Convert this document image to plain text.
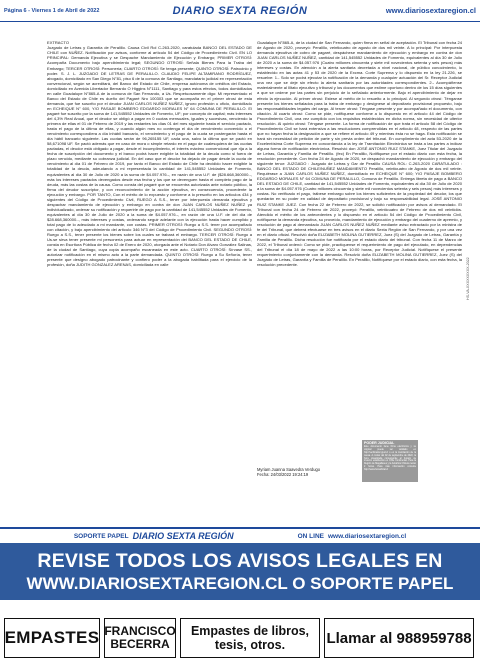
Página 6 - Viernes 1 de Abril de 2022	DIARIO SEXTA REGIÓN	www.diariosextaregion.cl
EXTRACTO

Juzgado de Letras y Garantía de Peralillo. Causa Civil Rol C-263-2020, caratulada BANCO DEL ESTADO DE CHILE con NUÑEZ. Notificación por avisos, conforme al artículo 54 del Código de Procedimiento Civil. EN LO PRINCIPAL: Demanda Ejecutiva y se Despache Mandamiento de Ejecución y Embargo; PRIMER OTROSÍ: Acompaña Documento bajo apercibimiento legal; SEGUNDO OTROSÍ: Señala Bienes Para la Traba del Embargo; TERCER OTROSÍ: Personería; CUARTO OTROSÍ: Se tenga presente; QUINTO OTROSÍ: Patrocinio y poder. S. J. L. JUZGADO DE LETRAS DE PERALILLO. CLAUDIO FELIPE ALTAMIRANO RODRÍGUEZ, abogado, domiciliado en San Diego N°81, piso 6 de la comuna de Santiago, mandatario judicial en representación convencional, según se acreditará, del Banco del Estado de Chile, empresa autónoma de créditos del Estado, domiciliado en Avenida Libertador Bernardo O Higgins N°1111, Santiago y para estos efectos, todos domiciliados en calle Guadalupe N°865-A de la comuna de San Fernando, a Us. Respetuosamente digo: Mi representado el Banco del Estado de Chile es dueño del Pagaré Nro 100303 que se acompaña en el primer otrosí de esta demanda, que fue suscrito por el deudor JUAN CARLOS NUÑEZ NUÑEZ, ignoro profesión u oficio, domiciliado en ECHEIQUE N° 600, Y/O PASAJE BOMBERO EDGARDO MORALES N° 64 COMUNA DE PERALILLO. El pagaré fue suscrito por la suma de 141,545552 Unidades de Fomento, UF; por concepto de capital; más intereses del 4,3% Real Anual, que el deudor se obligó a pagar en 0 cuotas mensuales, iguales y sucesivas, venciendo la primera de ellas el 01 de Febrero de 2019 y las restantes los días 01 del mes siguiente hasta el servicio pactado, hasta el pago de la última de ellas, y cuando algún mes no contenga el día de vencimiento convenido o el vencimiento correspondiera a día inhábil bancario, el vencimiento y el pago de la cuota se postergarán hasta el día hábil bancario siguiente. Las cuotas serán de 96,265155 UF, cada una, salvo la última que se pactó en 58,671098 UF. Se pactó además que en caso de mora o simple retardo en el pago de cualesquiera de las cuotas pactadas, el deudor está obligado a pagar, desde el incumplimiento, el interés máximo convencional que rija a la fecha de suscripción del documento y el banco podrá hacer exigible la totalidad de la deuda como si fuera de plazo vencido, mediante su cobranza judicial. En del caso que el deudor ha dejado de pagar desde la cuota de vencimiento al día 01 de Febrero de 2019, por tanto el Banco del Estado de Chile ha decidido hacer exigible la totalidad de la deuda, adeudando a mi representada la cantidad de 141,545552 Unidades de Fomento, equivalentes al día 30 de Julio de 2020 a la suma de $4.057.976.-, en razón de una U.F. de ($28.668,360000.-, más los intereses pactados devengados desde esa fecha y los que se devenguen hasta el completo pago de la deuda, más las costas de la causa. Como consta del pagaré que se encuentra autorizada ante notario público, la firma del deudor suscriptor, y con reconocimiento de la acción ejecutiva, en consecuencia, procedente la ejecución y embargo. POR TANTO, Con el mérito de lo expuesto y conforme a lo prescrito en los artículos 434 y siguientes del Código de Procedimiento Civil, RUEGO A S.S., tener por interpuesta demanda ejecutiva y despachar mandamiento de ejecución y embargo en contra de don JUAN CARLOS NUÑEZ NUÑEZ ya individualizado, ordenar su notificación y requerirle de pago por la cantidad de 141,545552 Unidades de Fomento, equivalentes al día 30 de Julio de 2020 a la suma de $4.057.976.-, en razón de una U.F. de del día de $28.668,360000.-, más intereses y costas, ordenando seguir adelante con la ejecución hasta hacer cumplido y total pago de lo adeudado a mi mandante, con costas. PRIMER OTROSÍ: Ruego a S.S. tener por acompañado con citación, y bajo apercibimiento del artículo 346 N°3 del Código de Procedimiento Civil. SEGUNDO OTROSÍ: Ruego a S.S., tener presente los bienes sobre los cuales se trabará el embargo. TERCER OTROSÍ: Ruego a Us.se sirva tener presente mi personería para actuar en representación del BANCO DEL ESTADO DE CHILE, consta en Escritura Pública de fecha 02 de Enero de 2020, otorgada ante el Notario Don Alvaro González Salinas, de la ciudad de Santiago, cuya copia acompaño escaneada en este acto. CUARTO OTROSÍ: Sírvase SS., autorizar notificación en el mismo acto a la parte demandada. QUINTO OTROSÍ: Ruego a Su Señoría, tener presente que designo abogado patrocinante y confiero poder a la abogada habilitada para el ejercicio de la profesión, doña JUDITH GONZALEZ ARENAS, domiciliada en calle

Guadalupe N°865-A, de la ciudad de San Fernando, quien firma en señal de aceptación. El Tribunal con fecha 24 de Agosto de 2020, proveyó: Peralillo, veinticuatro de agosto de dos mil veinte. A lo principal: Por interpuesta demanda ejecutiva de cobro de pagaré, despáchese mandamiento de ejecución y embargo en contra de don JUAN CARLOS NUÑEZ NUÑEZ, cantidad de 141,545552 Unidades de Fomento, equivalentes al día 30 de Julio de 2020 a la suma de $4.057.976 (Cuatro millones cincuenta y siete mil novecientos setenta y seis pesos) más intereses y costas. En atención a la alerta sanitaria decretada a nivel nacional, de público conocimiento, lo establecido en las actas 41 y 53 de 2020 de la Excma. Corte Suprema y lo dispuesto en la ley 21.226, se resuelve: 1.- Solo se podrá ejecutar la notificación de la demanda y cualquier actuación del Sr. Receptor Judicial una vez que se deje sin efecto la alerta sanitaria por las autoridades correspondientes. 2.- Acompáñense materialmente al Illtato ejecutivo y tribunal y los documentos que estime oportuno dentro de los 15 días siguientes a que se ordene por las partes sin perjuicio de lo señalado anteriormente. Bajo el apercibimiento de dejar en efecto la ejecución. Al primer otrosí: Estese al mérito de lo resuelto a lo principal. Al segundo otrosí: Ténganse presente los bienes señalados para la traba de embargo y desígnese al depositario provisional propuesto, bajo las responsabilidades legales del cargo. Al tercer otrosí: Téngase presente y por acompañado el documento, con citación. Al cuarto otrosí: Como se pide, notifíquese conforme a lo dispuesto en el artículo 44 del Código de Procedimiento Civil, una vez cumplido con los requisitos establecidos en dicha norma, sin necesidad de ulterior resolución. Al quinto otrosí: Téngase presente. La forma de notificación de que trata el artículo 58 del Código de Procedimiento Civil se hará extensiva a las resoluciones comprendidas en el artículo 48, respecto de las partes que no hayan fecha la designación a que se refiere el artículo 49 y mientras ésta no se haga. Esta notificación se hará sin necesidad de petición de parte y sin previa orden del tribunal. En cumplimiento del acta 53-2020 de la Excelentísima Corte Suprema en concordancia a la ley de Tramitación Electrónica se insta a las partes a indicar alguna forma de notificación electrónica. Resolvió don JOSÉ ANTONIO RUIZ STANKE, Juez Titular del Juzgado de Letras, Garantía y Familia de Peralillo. (fec) En Peralillo, Notifiquese por el estado diario con esta fecha, la resolución precedente. Con fecha 24 de Agosto de 2020, se despachó mandamiento de ejecución y embargo del siguiente tenor: JUZGADO : Juzgado de Letras y Gar de Peralillo CAUSA ROL: C-263-2020 CARATULADO : BANCO DEL ESTADO DE CHILE/NUÑEZ MANDAMIENTO Peralillo, veinticuatro de Agosto de dos mil veinte. Requiérase a JUAN CARLOS NUÑEZ NUÑEZ, domiciliado en ECHEIQUE N° 600; Y/O PASAJE BOMBERO EDGARDO MORALES N° 64 COMUNA DE PERALILLO, Comuna de Peralillo. Entrega libreta de pago a BANCO DEL ESTADO DE CHILE, cantidad de 141,545552 Unidades de Fomento, equivalentes al día 30 de Julio de 2020 a la suma de $4.057.976 (Cuatro millones cincuenta y siete mil novecientos setenta y seis pesos) más intereses y costas. No verificado el pago, trábese embargo sobre los bienes suficientes de la propiedad del deudor, los que quedarán en su poder en calidad de depositario provisional y bajo su responsabilidad legal. JOSÉ ANTONIO RUIZ STANKE JUEZ. Con fecha 22 de Febrero de 2022, se solicitó notificación por avisos al demandado. El Tribunal con fecha 24 de Febrero de 2022, proveyó: Peralillo, veinticuatro de Febrero de dos mil veintidós. Atendido el mérito de los antecedentes y lo dispuesto en el artículo 54 del Código de Procedimiento Civil, notifíquese la demanda ejecutiva, su proveído, mandamiento de ejecución y embargo del cuaderno de apremio, y resolución de pago al demandado JUAN CARLOS NUÑEZ NUÑEZ mediante aviso extractado por la ministra de fe del Tribunal, que deberá efectuarse en tres avisos en el diario Sexta Región de San Fernando, y por una vez en el diario oficial. Resolvió doña ELIZABETH MOLINA GUTIERREZ, Juez (S) del Juzgado de Letras, Garantía y Familia de Peralillo. Dicha resolución fue notificada por el estado diario del tribunal. Con fecha 11 de Marzo de 2022, el Tribunal ordenó: Como se pide, practíquense el requerimiento de pago del ejecutado, en dependencias del Tribunal el día 18 de mayo de 2022 a las 10:00 horas, por Receptor Judicial. Notifíquese el presente requerimiento conjuntamente con la demanda. Resolvió doña ELIZABETH MOLINA GUTIERREZ, Juez (S) del Juzgado de Letras, Garantía y Familia de Peralillo. En Peralillo, Notifíquese por el estado diario, con esta fecha, la resolución precedente.

Myriam Juanna Saavedra Verdugo
Fecha: 24/03/2022 19:24:19
PODER JUDICIAL
Este documento tiene firma electrónica y su original puede ser validado en http://verificadoc.pjud.cl o en la tramitación de la causa. A contar del 02 de septiembre de 2022, la hora visualizada corresponde al horario de invierno establecido en Chile Continental. Para la Región de Magallanes y la Antártica Chilena restar 2 horas. Para más información consulte http://www.horaoficial.cl
HS-VA-XXXXXXXXX-2022
SOPORTE PAPEL DIARIO SEXTA REGIÓN	ON LINE www.diariosextaregion.cl
REVISE TODOS LOS AVISOS LEGALES EN
WWW.DIARIOSEXTAREGION.CL O SOPORTE PAPEL
EMPASTES FRANCISCO
BECERRA
Empastes de libros,
tesis, otros.	Llamar al 988959788
